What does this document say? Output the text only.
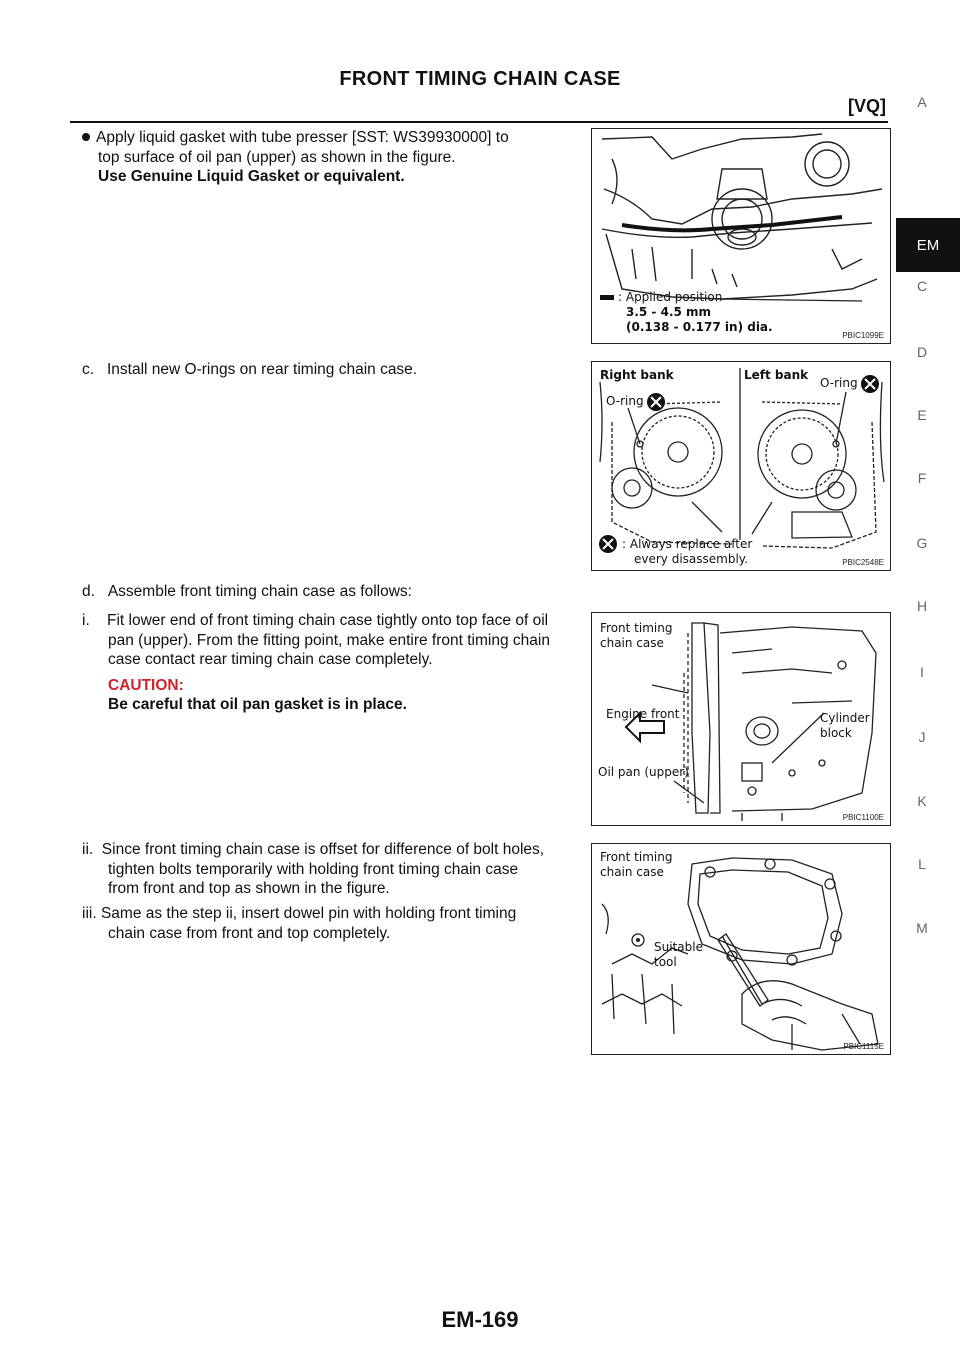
FRONT TIMING CHAIN CASE
[VQ]	A
EM
C
D
E
F
G
H
I
J
K
L
M
Apply liquid gasket with tube presser [SST: WS39930000] to
top surface of oil pan (upper) as shown in the figure.
Use Genuine Liquid Gasket or equivalent.
c.   Install new O-rings on rear timing chain case.
d.   Assemble front timing chain case as follows:
i.    Fit lower end of front timing chain case tightly onto top face of oil
pan (upper). From the fitting point, make entire front timing chain
case contact rear timing chain case completely.
CAUTION:
Be careful that oil pan gasket is in place.
ii.  Since front timing chain case is offset for difference of bolt holes,
tighten bolts temporarily with holding front timing chain case
from front and top as shown in the figure.
iii. Same as the step ii, insert dowel pin with holding front timing
chain case from front and top completely.
: Applied position
3.5 - 4.5 mm
(0.138 - 0.177 in) dia.
PBIC1099E
Right bank	Left bank
O-ring
O-ring
: Always replace after
every disassembly.	PBIC2548E
Front timing
chain case
Engine front
Oil pan (upper)
Cylinder
block
PBIC1100E
Front timing
chain case
Suitable
tool
PBIC1115E
EM-169
